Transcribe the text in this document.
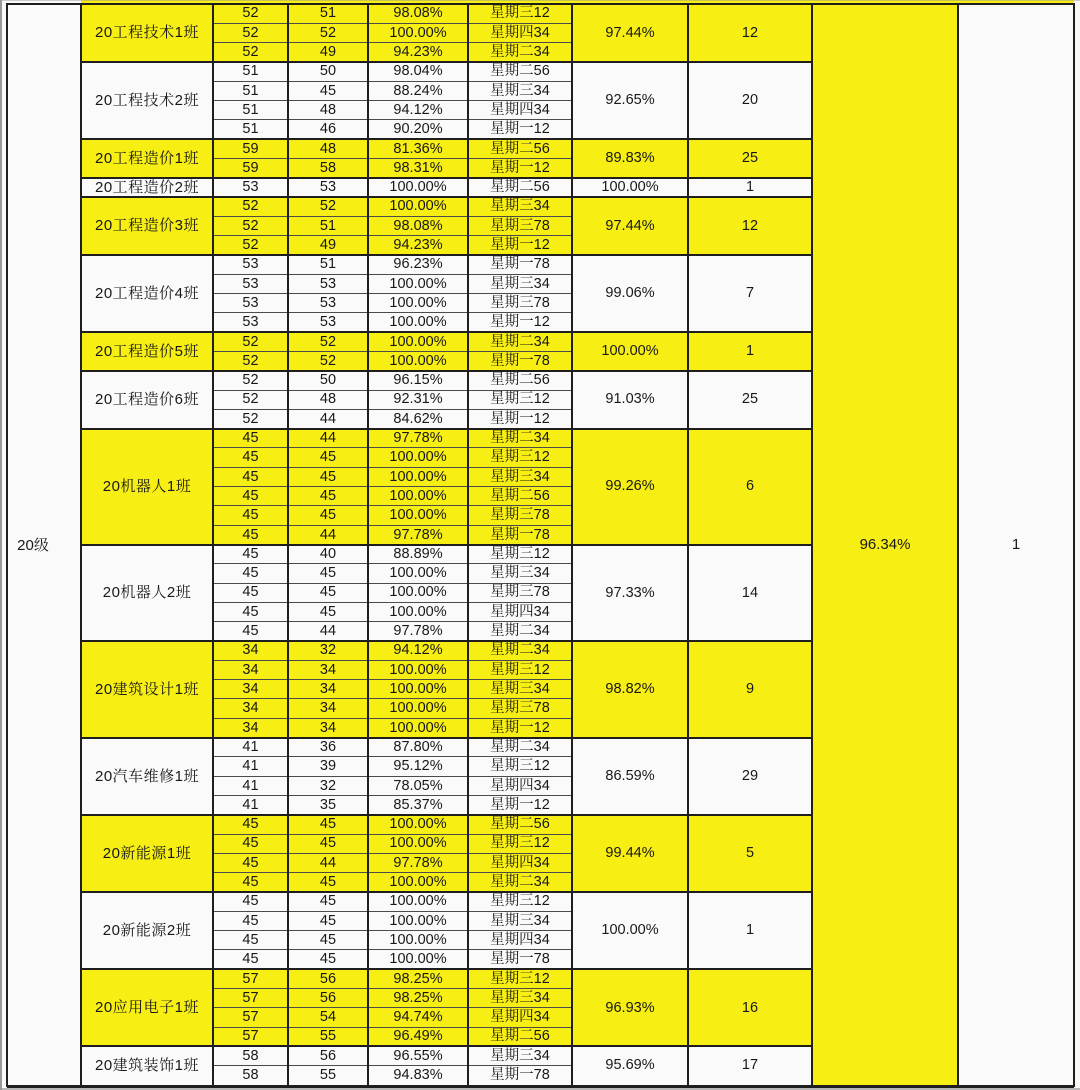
20级	96.34%	1
20工程技术1班	97.44%	12
52	51	98.08%	星期三12
52	52	100.00%	星期四34
52	49	94.23%	星期二34
20工程技术2班	92.65%	20
51	50	98.04%	星期二56
51	45	88.24%	星期三34
51	48	94.12%	星期四34
51	46	90.20%	星期一12
20工程造价1班	89.83%	25
59	48	81.36%	星期二56
59	58	98.31%	星期一12
20工程造价2班	100.00%	1
53	53	100.00%	星期二56
20工程造价3班	97.44%	12
52	52	100.00%	星期三34
52	51	98.08%	星期三78
52	49	94.23%	星期一12
20工程造价4班	99.06%	7
53	51	96.23%	星期一78
53	53	100.00%	星期三34
53	53	100.00%	星期三78
53	53	100.00%	星期一12
20工程造价5班	100.00%	1
52	52	100.00%	星期二34
52	52	100.00%	星期一78
20工程造价6班	91.03%	25
52	50	96.15%	星期二56
52	48	92.31%	星期三12
52	44	84.62%	星期一12
20机器人1班	99.26%	6
45	44	97.78%	星期二34
45	45	100.00%	星期三12
45	45	100.00%	星期三34
45	45	100.00%	星期二56
45	45	100.00%	星期三78
45	44	97.78%	星期一78
20机器人2班	97.33%	14
45	40	88.89%	星期三12
45	45	100.00%	星期三34
45	45	100.00%	星期三78
45	45	100.00%	星期四34
45	44	97.78%	星期二34
20建筑设计1班	98.82%	9
34	32	94.12%	星期二34
34	34	100.00%	星期三12
34	34	100.00%	星期三34
34	34	100.00%	星期三78
34	34	100.00%	星期一12
20汽车维修1班	86.59%	29
41	36	87.80%	星期二34
41	39	95.12%	星期三12
41	32	78.05%	星期四34
41	35	85.37%	星期一12
20新能源1班	99.44%	5
45	45	100.00%	星期二56
45	45	100.00%	星期三12
45	44	97.78%	星期四34
45	45	100.00%	星期二34
20新能源2班	100.00%	1
45	45	100.00%	星期三12
45	45	100.00%	星期三34
45	45	100.00%	星期四34
45	45	100.00%	星期一78
20应用电子1班	96.93%	16
57	56	98.25%	星期三12
57	56	98.25%	星期三34
57	54	94.74%	星期四34
57	55	96.49%	星期二56
20建筑装饰1班	95.69%	17
58	56	96.55%	星期三34
58	55	94.83%	星期一78
